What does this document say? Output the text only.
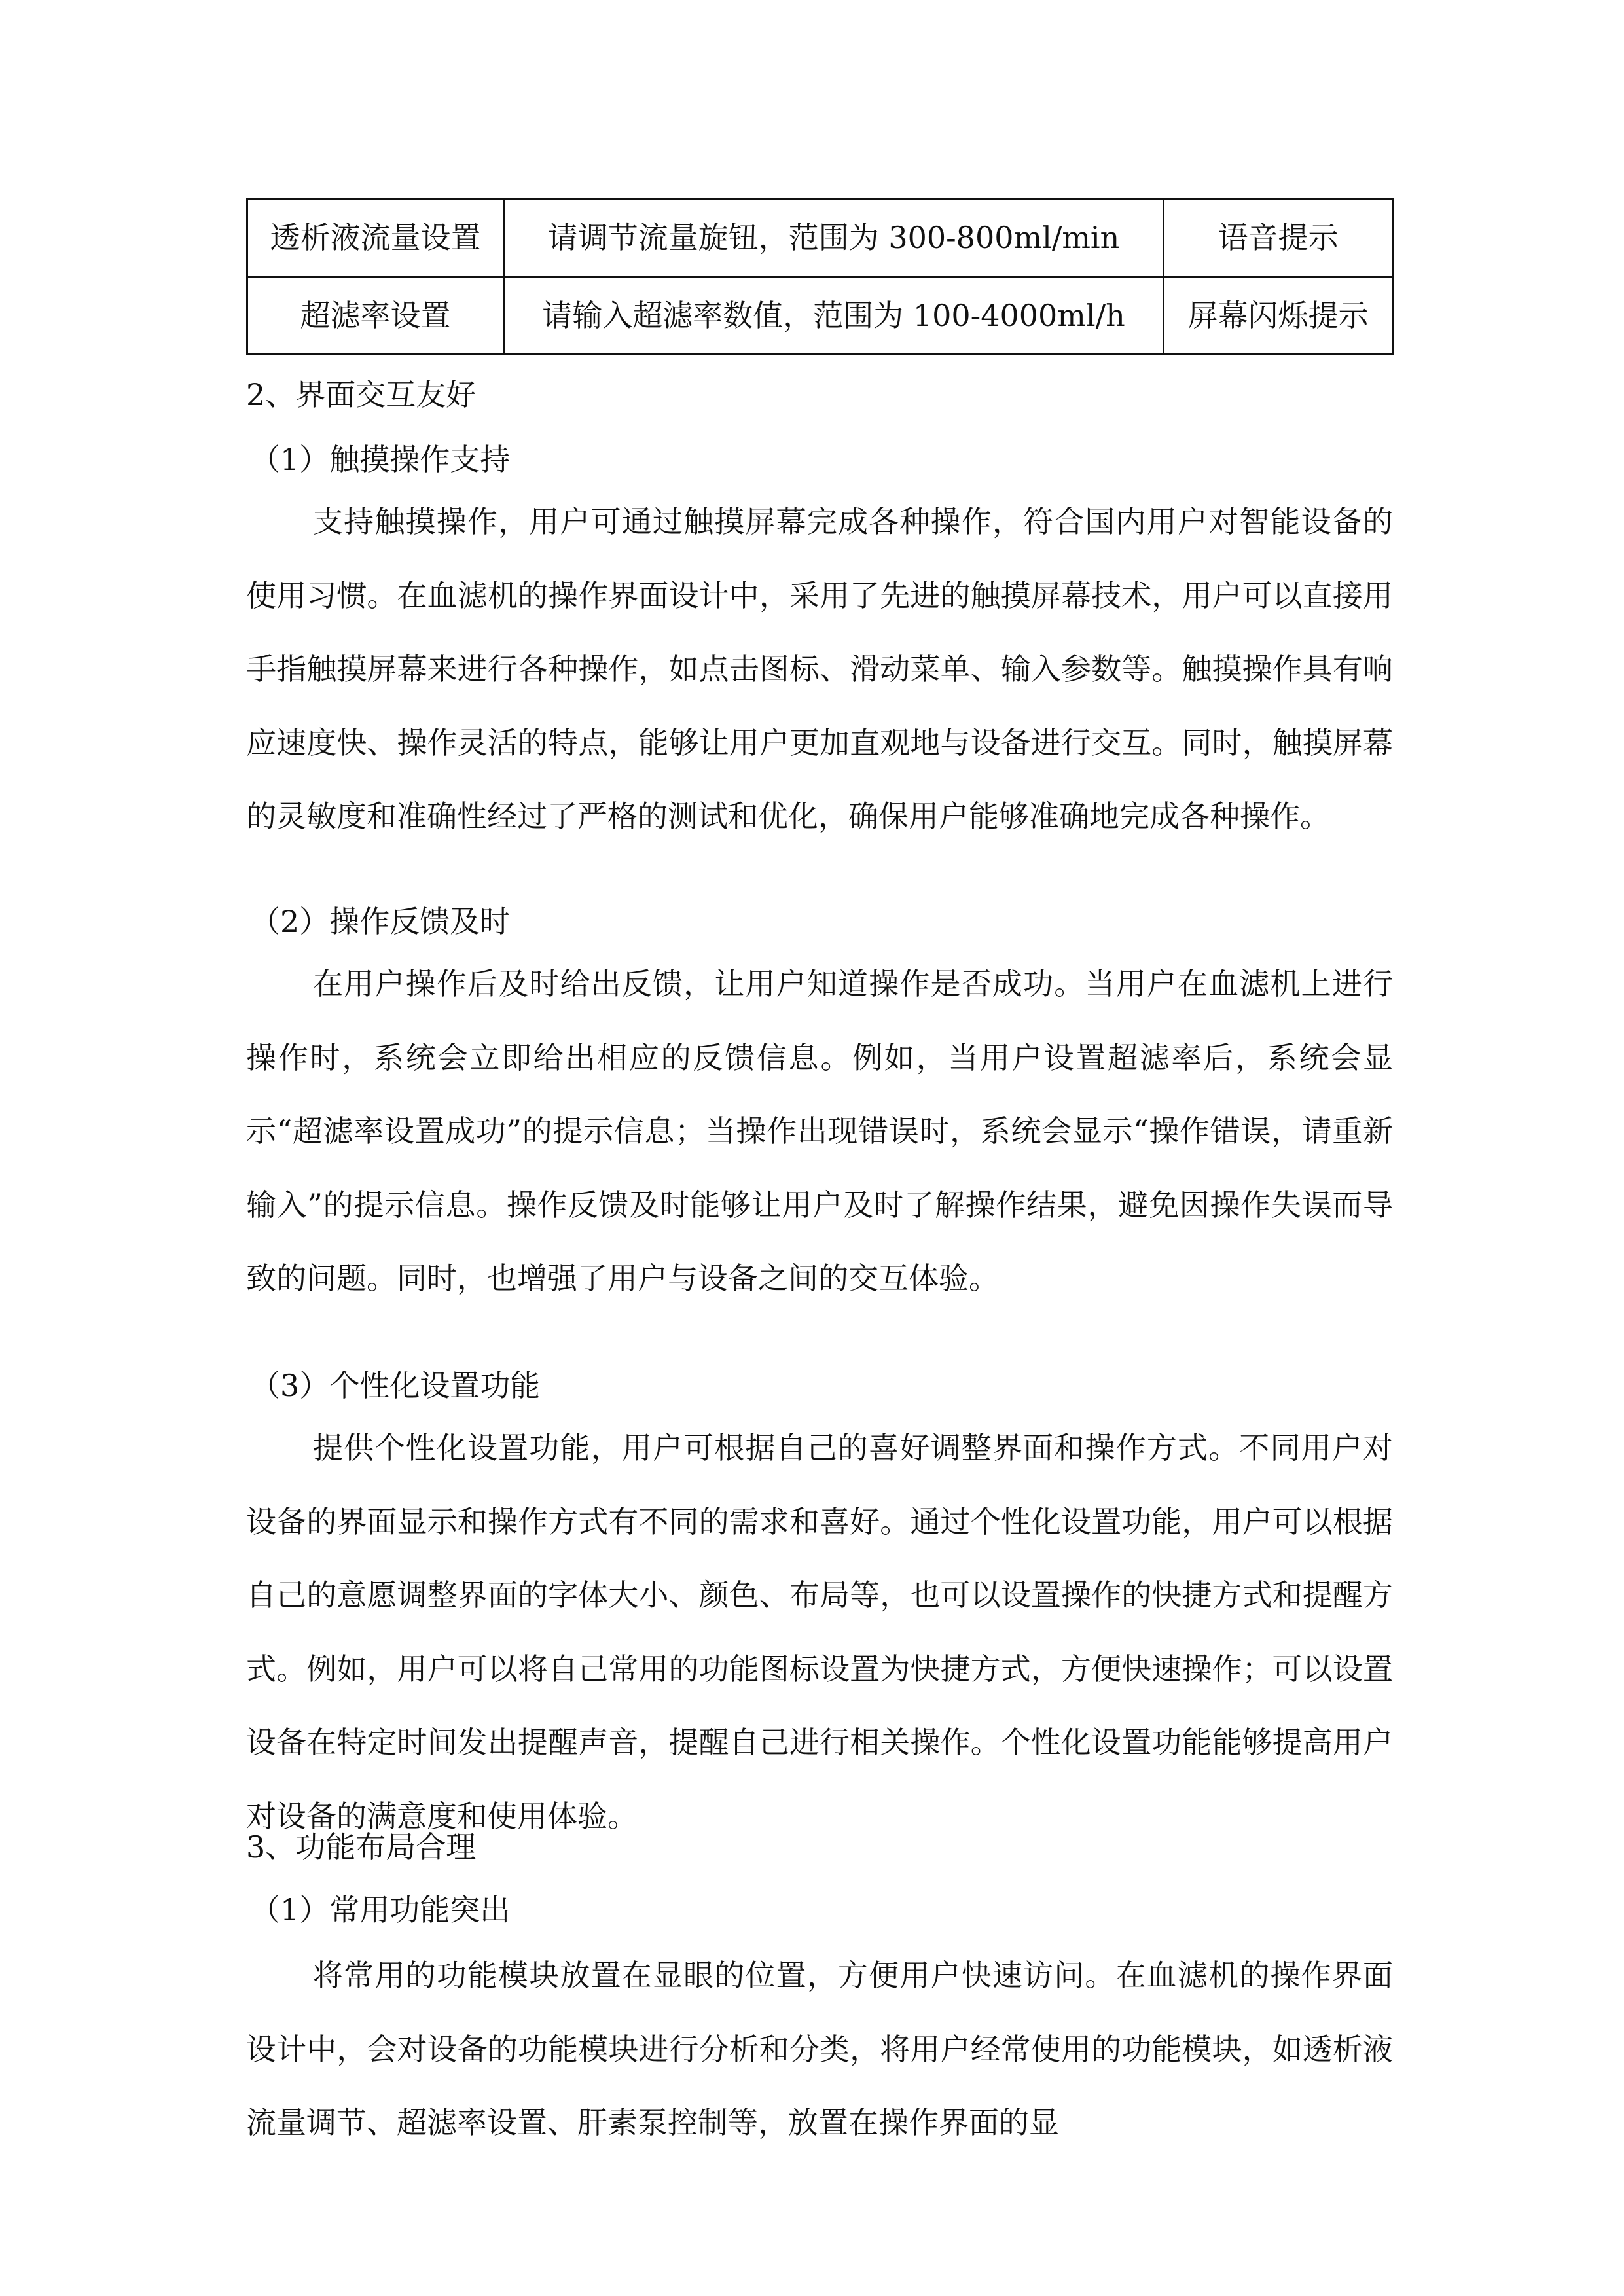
透析液流量设置	请调节流量旋钮，范围为 300-800ml/min	语音提示
超滤率设置	请输入超滤率数值，范围为 100-4000ml/h	屏幕闪烁提示
2、界面交互友好
（1）触摸操作支持

支持触摸操作，用户可通过触摸屏幕完成各种操作，符合国内用户对智能设备的使用习惯。在血滤机的操作界面设计中，采用了先进的触摸屏幕技术，用户可以直接用手指触摸屏幕来进行各种操作，如点击图标、滑动菜单、输入参数等。触摸操作具有响应速度快、操作灵活的特点，能够让用户更加直观地与设备进行交互。同时，触摸屏幕的灵敏度和准确性经过了严格的测试和优化，确保用户能够准确地完成各种操作。

（2）操作反馈及时

在用户操作后及时给出反馈，让用户知道操作是否成功。当用户在血滤机上进行操作时，系统会立即给出相应的反馈信息。例如，当用户设置超滤率后，系统会显示“超滤率设置成功”的提示信息；当操作出现错误时，系统会显示“操作错误，请重新输入”的提示信息。操作反馈及时能够让用户及时了解操作结果，避免因操作失误而导致的问题。同时，也增强了用户与设备之间的交互体验。

（3）个性化设置功能

提供个性化设置功能，用户可根据自己的喜好调整界面和操作方式。不同用户对设备的界面显示和操作方式有不同的需求和喜好。通过个性化设置功能，用户可以根据自己的意愿调整界面的字体大小、颜色、布局等，也可以设置操作的快捷方式和提醒方式。例如，用户可以将自己常用的功能图标设置为快捷方式，方便快速操作；可以设置设备在特定时间发出提醒声音，提醒自己进行相关操作。个性化设置功能能够提高用户对设备的满意度和使用体验。

3、功能布局合理
（1）常用功能突出

将常用的功能模块放置在显眼的位置，方便用户快速访问。在血滤机的操作界面设计中，会对设备的功能模块进行分析和分类，将用户经常使用的功能模块，如透析液流量调节、超滤率设置、肝素泵控制等，放置在操作界面的显
